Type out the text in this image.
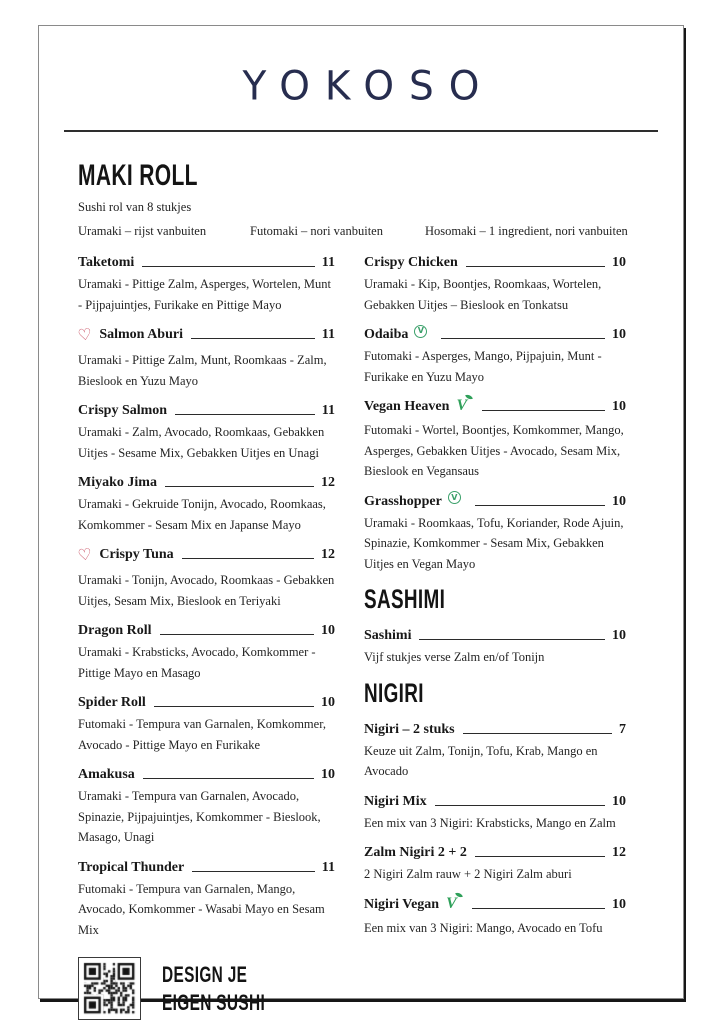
YOKOSO
MAKI ROLL
Sushi rol van 8 stukjes
Uramaki – rijst vanbuiten	Futomaki – nori vanbuiten	Hosomaki – 1 ingredient, nori vanbuiten
Taketomi	11

Uramaki - Pittige Zalm, Asperges, Wortelen, Munt - Pijpajuintjes, Furikake en Pittige Mayo

♡
Salmon Aburi	11

Uramaki - Pittige Zalm, Munt, Roomkaas - Zalm, Bieslook en Yuzu Mayo

Crispy Salmon	11

Uramaki - Zalm, Avocado, Roomkaas, Gebakken Uitjes - Sesame Mix, Gebakken Uitjes en Unagi

Miyako Jima	12

Uramaki - Gekruide Tonijn, Avocado, Roomkaas, Komkommer - Sesam Mix en Japanse Mayo

♡
Crispy Tuna	12

Uramaki - Tonijn, Avocado, Roomkaas - Gebakken Uitjes, Sesam Mix, Bieslook en Teriyaki

Dragon Roll	10

Uramaki - Krabsticks, Avocado, Komkommer - Pittige Mayo en Masago

Spider Roll	10

Futomaki - Tempura van Garnalen, Komkommer, Avocado - Pittige Mayo en Furikake

Amakusa	10

Uramaki - Tempura van Garnalen, Avocado, Spinazie, Pijpajuintjes, Komkommer - Bieslook, Masago, Unagi

Tropical Thunder	11

Futomaki - Tempura van Garnalen, Mango, Avocado, Komkommer - Wasabi Mayo en Sesam Mix

DESIGN JE
EIGEN SUSHI
Crispy Chicken	10

Uramaki - Kip, Boontjes, Roomkaas, Wortelen, Gebakken Uitjes – Bieslook en Tonkatsu

Odaiba V	10

Futomaki - Asperges, Mango, Pijpajuin, Munt - Furikake en Yuzu Mayo

Vegan Heaven V	10

Futomaki - Wortel, Boontjes, Komkommer, Mango, Asperges, Gebakken Uitjes - Avocado, Sesam Mix, Bieslook en Vegansaus

Grasshopper V	10

Uramaki - Roomkaas, Tofu, Koriander, Rode Ajuin, Spinazie, Komkommer - Sesam Mix, Gebakken Uitjes en Vegan Mayo

SASHIMI
Sashimi	10

Vijf stukjes verse Zalm en/of Tonijn

NIGIRI
Nigiri – 2 stuks	7

Keuze uit Zalm, Tonijn, Tofu, Krab, Mango en Avocado

Nigiri Mix	10

Een mix van 3 Nigiri: Krabsticks, Mango en Zalm

Zalm Nigiri 2 + 2	12

2 Nigiri Zalm rauw + 2 Nigiri Zalm aburi

Nigiri Vegan V	10

Een mix van 3 Nigiri: Mango, Avocado en Tofu
